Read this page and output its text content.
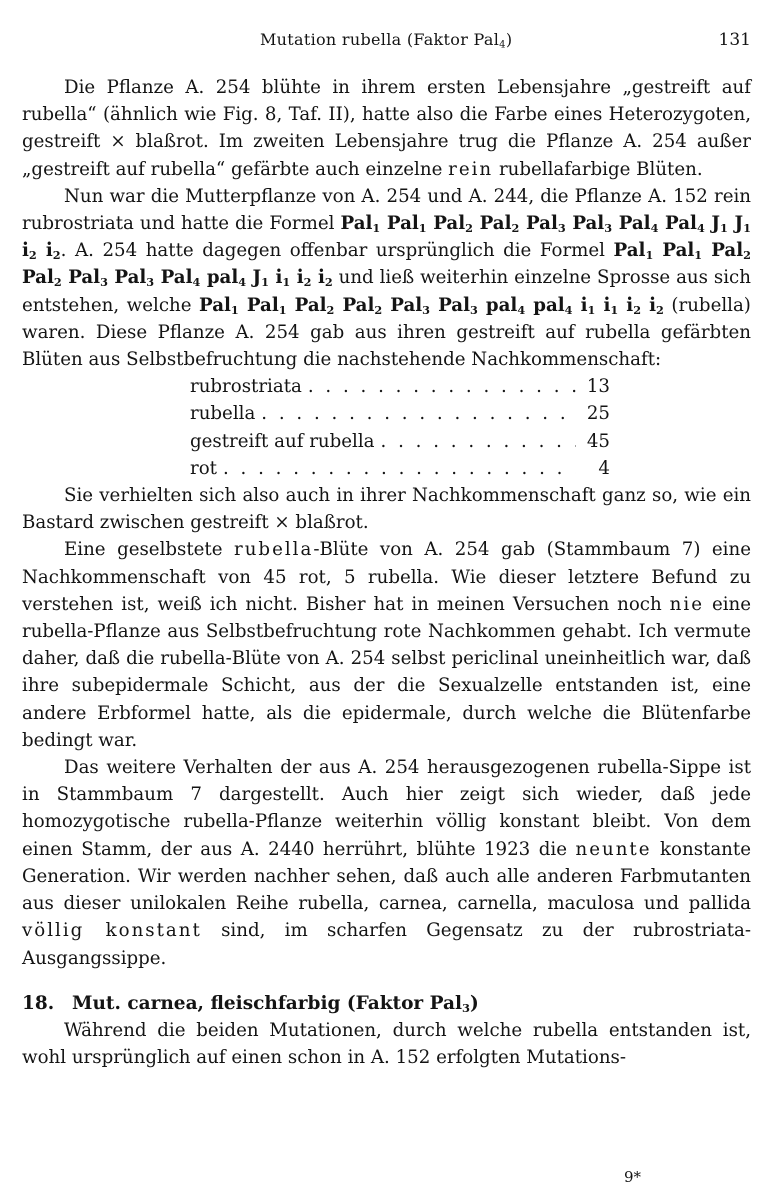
Mutation rubella (Faktor Pal$_4$)	131

Die Pflanze A. 254 blühte in ihrem ersten Lebensjahre „gestreift auf rubella“ (ähnlich wie Fig. 8, Taf. II), hatte also die Farbe eines Heterozygoten, gestreift × blaßrot. Im zweiten Lebensjahre trug die Pflanze A. 254 außer „gestreift auf rubella“ gefärbte auch einzelne rein rubellafarbige Blüten.

Nun war die Mutterpflanze von A. 254 und A. 244, die Pflanze A. 152 rein rubrostriata und hatte die Formel Pal$_1$ Pal$_1$ Pal$_2$ Pal$_2$ Pal$_3$ Pal$_3$ Pal$_4$ Pal$_4$ $J_1$ $J_1$ $i_2$ $i_2$. A. 254 hatte dagegen offenbar ursprünglich die Formel Pal$_1$ Pal$_1$ Pal$_2$ Pal$_2$ Pal$_3$ Pal$_3$ Pal$_4$ pal$_4$ $J_1$ $i_1$ $i_2$ $i_2$ und ließ weiterhin einzelne Sprosse aus sich entstehen, welche Pal$_1$ Pal$_1$ Pal$_2$ Pal$_2$ Pal$_3$ Pal$_3$ pal$_4$ pal$_4$ $i_1$ $i_1$ $i_2$ $i_2$ (rubella) waren. Diese Pflanze A. 254 gab aus ihren gestreift auf rubella gefärbten Blüten aus Selbstbefruchtung die nachstehende Nachkommenschaft:

rubrostriata . . .	13
rubella . . .	25
gestreift auf rubella . . .	45
rot . . .	4

Sie verhielten sich also auch in ihrer Nachkommenschaft ganz so, wie ein Bastard zwischen gestreift × blaßrot.

Eine geselbstete rubella-Blüte von A. 254 gab (Stammbaum 7) eine Nachkommenschaft von 45 rot, 5 rubella. Wie dieser letztere Befund zu verstehen ist, weiß ich nicht. Bisher hat in meinen Versuchen noch nie eine rubella-Pflanze aus Selbstbefruchtung rote Nachkommen gehabt. Ich vermute daher, daß die rubella-Blüte von A. 254 selbst periclinal uneinheitlich war, daß ihre subepidermale Schicht, aus der die Sexualzelle entstanden ist, eine andere Erbformel hatte, als die epidermale, durch welche die Blütenfarbe bedingt war.

Das weitere Verhalten der aus A. 254 herausgezogenen rubella-Sippe ist in Stammbaum 7 dargestellt. Auch hier zeigt sich wieder, daß jede homozygotische rubella-Pflanze weiterhin völlig konstant bleibt. Von dem einen Stamm, der aus A. 2440 herrührt, blühte 1923 die neunte konstante Generation. Wir werden nachher sehen, daß auch alle anderen Farbmutanten aus dieser unilokalen Reihe rubella, carnea, carnella, maculosa und pallida völlig konstant sind, im scharfen Gegensatz zu der rubrostriata-Ausgangssippe.

18. Mut. carnea, fleischfarbig (Faktor Pal$_3$)

Während die beiden Mutationen, durch welche rubella entstanden ist, wohl ursprünglich auf einen schon in A. 152 erfolgten Mutations-

9*
